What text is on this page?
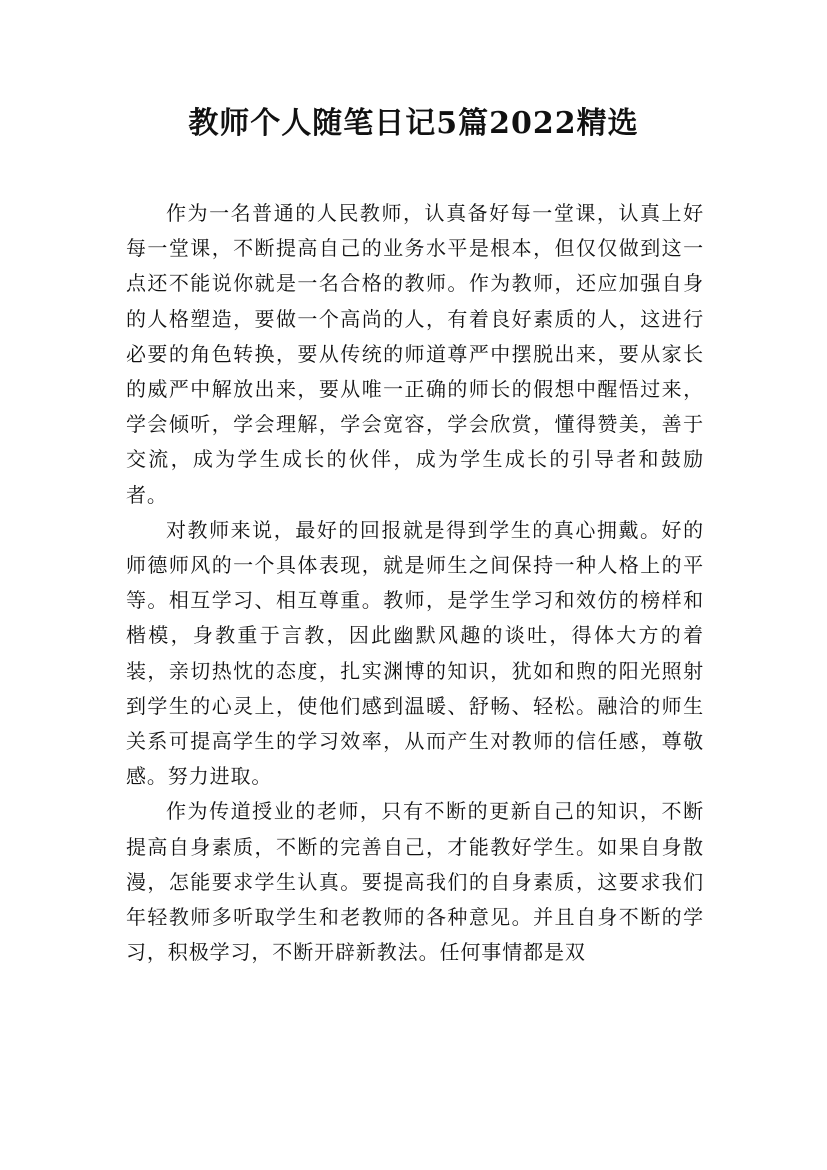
教师个人随笔日记5篇2022精选

作为一名普通的人民教师，认真备好每一堂课，认真上好每一堂课，不断提高自己的业务水平是根本，但仅仅做到这一点还不能说你就是一名合格的教师。作为教师，还应加强自身的人格塑造，要做一个高尚的人，有着良好素质的人，这进行必要的角色转换，要从传统的师道尊严中摆脱出来，要从家长的威严中解放出来，要从唯一正确的师长的假想中醒悟过来，学会倾听，学会理解，学会宽容，学会欣赏，懂得赞美，善于交流，成为学生成长的伙伴，成为学生成长的引导者和鼓励者。

对教师来说，最好的回报就是得到学生的真心拥戴。好的师德师风的一个具体表现，就是师生之间保持一种人格上的平等。相互学习、相互尊重。教师，是学生学习和效仿的榜样和楷模，身教重于言教，因此幽默风趣的谈吐，得体大方的着装，亲切热忱的态度，扎实渊博的知识，犹如和煦的阳光照射到学生的心灵上，使他们感到温暖、舒畅、轻松。融洽的师生关系可提高学生的学习效率，从而产生对教师的信任感，尊敬感。努力进取。

作为传道授业的老师，只有不断的更新自己的知识，不断提高自身素质，不断的完善自己，才能教好学生。如果自身散漫，怎能要求学生认真。要提高我们的自身素质，这要求我们年轻教师多听取学生和老教师的各种意见。并且自身不断的学习，积极学习，不断开辟新教法。任何事情都是双
